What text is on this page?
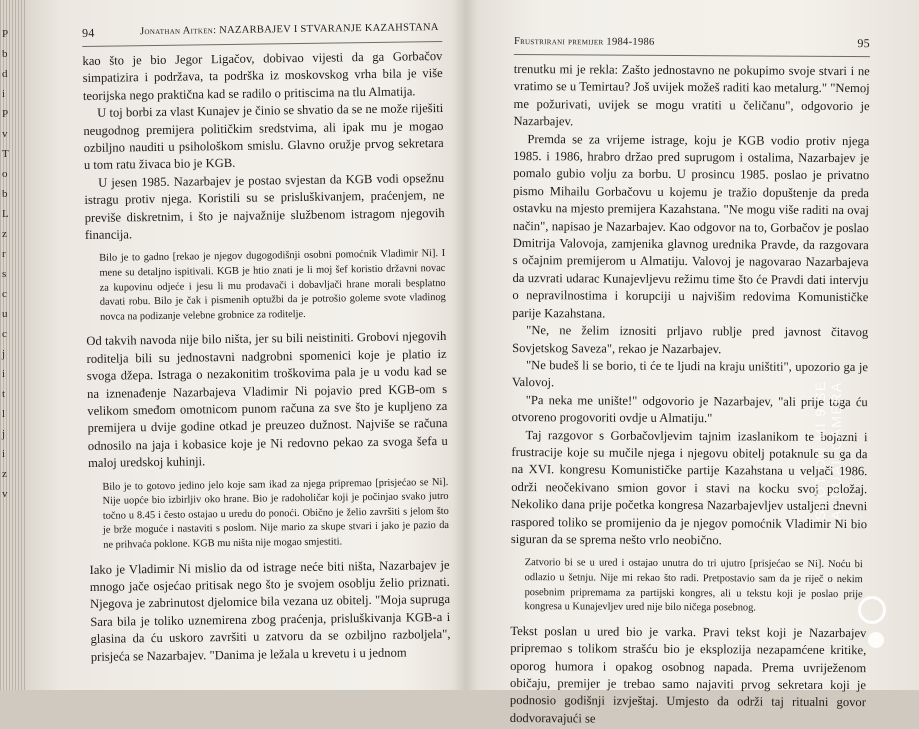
P
b
d
i
P
v
T
o
b
L
z
r
s
c
u
c
j
i
t
l
j
i
z
v
94	Jonathan Aitken: NAZARBAJEV I STVARANJE KAZAHSTANA

kao što je bio Jegor Ligačov, dobivao vijesti da ga Gorbačov simpatizira i podržava, ta podrška iz moskovskog vrha bila je više teorijska nego praktična kad se radilo o pritiscima na tlu Almatija.

U toj borbi za vlast Kunajev je činio se shvatio da se ne može riješiti neugodnog premijera političkim sredstvima, ali ipak mu je mogao ozbiljno nauditi u psihološkom smislu. Glavno oružje prvog sekretara u tom ratu živaca bio je KGB.

U jesen 1985. Nazarbajev je postao svjestan da KGB vodi opsežnu istragu protiv njega. Koristili su se prisluškivanjem, praćenjem, ne previše diskretnim, i što je najvažnije službenom istragom njegovih financija.

Bilo je to gadno [rekao je njegov dugogodišnji osobni pomoćnik Vladimir Ni]. I mene su detaljno ispitivali. KGB je htio znati je li moj šef koristio državni novac za kupovinu odjeće i jesu li mu prodavači i dobavljači hrane morali besplatno davati robu. Bilo je čak i pismenih optužbi da je potrošio goleme svote vladinog novca na podizanje velebne grobnice za roditelje.

Od takvih navoda nije bilo ništa, jer su bili neistiniti. Grobovi njegovih roditelja bili su jednostavni nadgrobni spomenici koje je platio iz svoga džepa. Istraga o nezakonitim troškovima pala je u vodu kad se na iznenađenje Nazarbajeva Vladimir Ni pojavio pred KGB-om s velikom smeđom omotnicom punom računa za sve što je kupljeno za premijera u dvije godine otkad je preuzeo dužnost. Najviše se računa odnosilo na jaja i kobasice koje je Ni redovno pekao za svoga šefa u maloj uredskoj kuhinji.

Bilo je to gotovo jedino jelo koje sam ikad za njega pripremao [prisjećao se Ni]. Nije uopće bio izbirljiv oko hrane. Bio je radoholičar koji je počinjao svako jutro točno u 8.45 i često ostajao u uredu do ponoći. Obično je želio završiti s jelom što je brže moguće i nastaviti s poslom. Nije mario za skupe stvari i jako je pazio da ne prihvaća poklone. KGB mu ništa nije mogao smjestiti.

Iako je Vladimir Ni mislio da od istrage neće biti ništa, Nazarbajev je mnogo jače osjećao pritisak nego što je svojem osoblju želio priznati. Njegova je zabrinutost djelomice bila vezana uz obitelj. "Moja supruga Sara bila je toliko uznemirena zbog praćenja, prisluškivanja KGB-a i glasina da ću uskoro završiti u zatvoru da se ozbiljno razboljela", prisjeća se Nazarbajev. "Danima je ležala u krevetu i u jednom

Frustrirani premijer 1984-1986	95

trenutku mi je rekla: Zašto jednostavno ne pokupimo svoje stvari i ne vratimo se u Temirtau? Još uvijek možeš raditi kao metalurg." "Nemoj me požurivati, uvijek se mogu vratiti u čeličanu", odgovorio je Nazarbajev.

Premda se za vrijeme istrage, koju je KGB vodio protiv njega 1985. i 1986, hrabro držao pred suprugom i ostalima, Nazarbajev je pomalo gubio volju za borbu. U prosincu 1985. poslao je privatno pismo Mihailu Gorbačovu u kojemu je tražio dopuštenje da preda ostavku na mjesto premijera Kazahstana. "Ne mogu više raditi na ovaj način", napisao je Nazarbajev. Kao odgovor na to, Gorbačov je poslao Dmitrija Valovoja, zamjenika glavnog urednika Pravde, da razgovara s očajnim premijerom u Almatiju. Valovoj je nagovarao Nazarbajeva da uzvrati udarac Kunajevljevu režimu time što će Pravdi dati intervju o nepravilnostima i korupciji u najvišim redovima Komunističke parije Kazahstana.

"Ne, ne želim iznositi prljavo rublje pred javnost čitavog Sovjetskog Saveza", rekao je Nazarbajev.

"Ne budeš li se borio, ti će te ljudi na kraju uništiti", upozorio ga je Valovoj.

"Pa neka me unište!" odgovorio je Nazarbajev, "ali prije toga ću otvoreno progovoriti ovdje u Almatiju."

Taj razgovor s Gorbačovljevim tajnim izaslanikom te bojazni i frustracije koje su mučile njega i njegovu obitelj potaknule su ga da na XVI. kongresu Komunističke partije Kazahstana u veljači 1986. održi neočekivano smion govor i stavi na kocku svoj položaj. Nekoliko dana prije početka kongresa Nazarbajevljev ustaljeni dnevni raspored toliko se promijenio da je njegov pomoćnik Vladimir Ni bio siguran da se sprema nešto vrlo neobično.

Zatvorio bi se u ured i ostajao unutra do tri ujutro [prisjećao se Ni]. Noću bi odlazio u šetnju. Nije mi rekao što radi. Pretpostavio sam da je riječ o nekim posebnim pripremama za partijski kongres, ali u tekstu koji je poslao prije kongresa u Kunajevljev ured nije bilo ničega posebnog.

Tekst poslan u ured bio je varka. Pravi tekst koji je Nazarbajev pripremao s tolikom strašću bio je eksplozija nezapamćene kritike, oporog humora i opakog osobnog napada. Prema uvriježenom običaju, premijer je trebao samo najaviti prvog sekretara koji je podnosio godišnji izvještaj. Umjesto da održi taj ritualni govor dodvoravajući se

SHOT ON MI 9 SE AI DUAL CAMERA
